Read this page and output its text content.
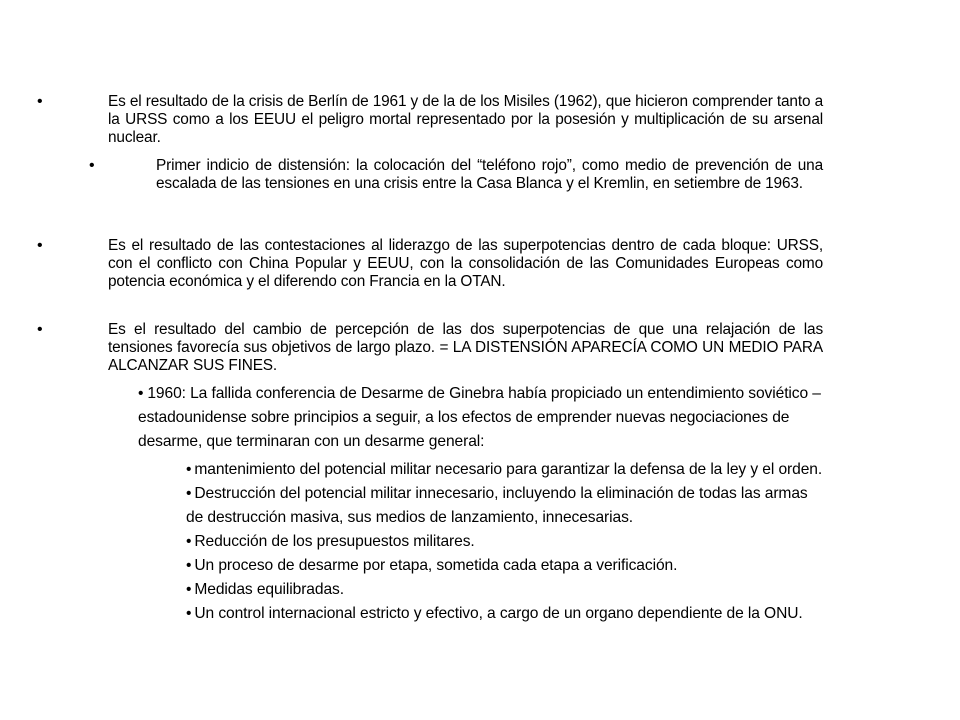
•	Es el resultado de la crisis de Berlín de 1961 y de la de los Misiles (1962), que hicieron comprender tanto a la URSS como a los EEUU el peligro mortal representado por la posesión y multiplicación de su arsenal nuclear.
•	Primer indicio de distensión: la colocación del “teléfono rojo”, como medio de prevención de una escalada de las tensiones en una crisis entre la Casa Blanca y el Kremlin, en setiembre de 1963.
•	Es el resultado de las contestaciones al liderazgo de las superpotencias dentro de cada bloque: URSS, con el conflicto con China Popular y EEUU, con la consolidación de las Comunidades Europeas como potencia económica y el diferendo con Francia en la OTAN.
•	Es el resultado del cambio de percepción de las dos superpotencias de que una relajación de las tensiones favorecía sus objetivos de largo plazo. = LA DISTENSIÓN APARECÍA COMO UN MEDIO PARA ALCANZAR SUS FINES.
• 1960: La fallida conferencia de Desarme de Ginebra había propiciado un entendimiento soviético – estadounidense sobre principios a seguir, a los efectos de emprender nuevas negociaciones de desarme, que terminaran con un desarme general:
• mantenimiento del potencial militar necesario para garantizar la defensa de la ley y el orden.
• Destrucción del potencial militar innecesario, incluyendo la eliminación de todas las armas de destrucción masiva, sus medios de lanzamiento, innecesarias.
• Reducción de los presupuestos militares.
• Un proceso de desarme por etapa, sometida cada etapa a verificación.
• Medidas equilibradas.
• Un control internacional estricto y efectivo, a cargo de un organo dependiente de la ONU.
